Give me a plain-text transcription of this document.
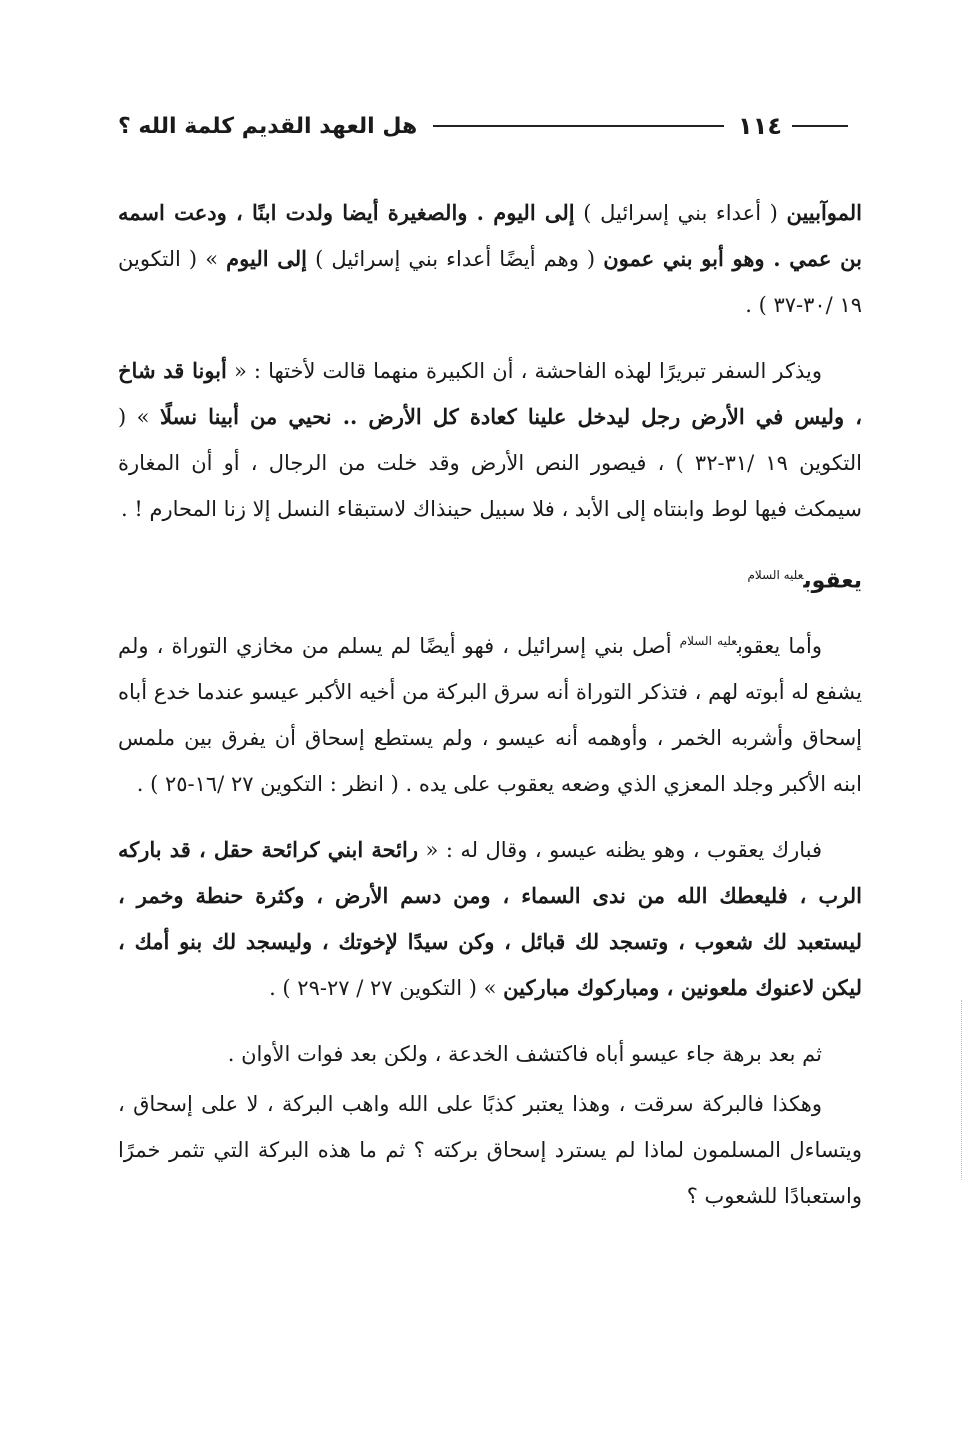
١١٤
هل العهد القديم كلمة الله ؟

الموآبيين ( أعداء بني إسرائيل ) إلى اليوم . والصغيرة أيضا ولدت ابنًا ، ودعت اسمه بن عمي . وهو أبو بني عمون ( وهم أيضًا أعداء بني إسرائيل ) إلى اليوم » ( التكوين ١٩ /٣٠-٣٧ ) .

ويذكر السفر تبريرًا لهذه الفاحشة ، أن الكبيرة منهما قالت لأختها : « أبونا قد شاخ ، وليس في الأرض رجل ليدخل علينا كعادة كل الأرض .. نحيي من أبينا نسلًا » ( التكوين ١٩ /٣١-٣٢ ) ، فيصور النص الأرض وقد خلت من الرجال ، أو أن المغارة سيمكث فيها لوط وابنتاه إلى الأبد ، فلا سبيل حينذاك لاستبقاء النسل إلا زنا المحارم ! .

يعقوب$^{عليه السلام}$

وأما يعقوب$^{عليه السلام}$ أصل بني إسرائيل ، فهو أيضًا لم يسلم من مخازي التوراة ، ولم يشفع له أبوته لهم ، فتذكر التوراة أنه سرق البركة من أخيه الأكبر عيسو عندما خدع أباه إسحاق وأشربه الخمر ، وأوهمه أنه عيسو ، ولم يستطع إسحاق أن يفرق بين ملمس ابنه الأكبر وجلد المعزي الذي وضعه يعقوب على يده . ( انظر : التكوين ٢٧ /١٦-٢٥ ) .

فبارك يعقوب ، وهو يظنه عيسو ، وقال له : « رائحة ابني كرائحة حقل ، قد باركه الرب ، فليعطك الله من ندى السماء ، ومن دسم الأرض ، وكثرة حنطة وخمر ، ليستعبد لك شعوب ، وتسجد لك قبائل ، وكن سيدًا لإخوتك ، وليسجد لك بنو أمك ، ليكن لاعنوك ملعونين ، ومباركوك مباركين » ( التكوين ٢٧ / ٢٧-٢٩ ) .

ثم بعد برهة جاء عيسو أباه فاكتشف الخدعة ، ولكن بعد فوات الأوان .

وهكذا فالبركة سرقت ، وهذا يعتبر كذبًا على الله واهب البركة ، لا على إسحاق ، ويتساءل المسلمون لماذا لم يسترد إسحاق بركته ؟ ثم ما هذه البركة التي تثمر خمرًا واستعبادًا للشعوب ؟
